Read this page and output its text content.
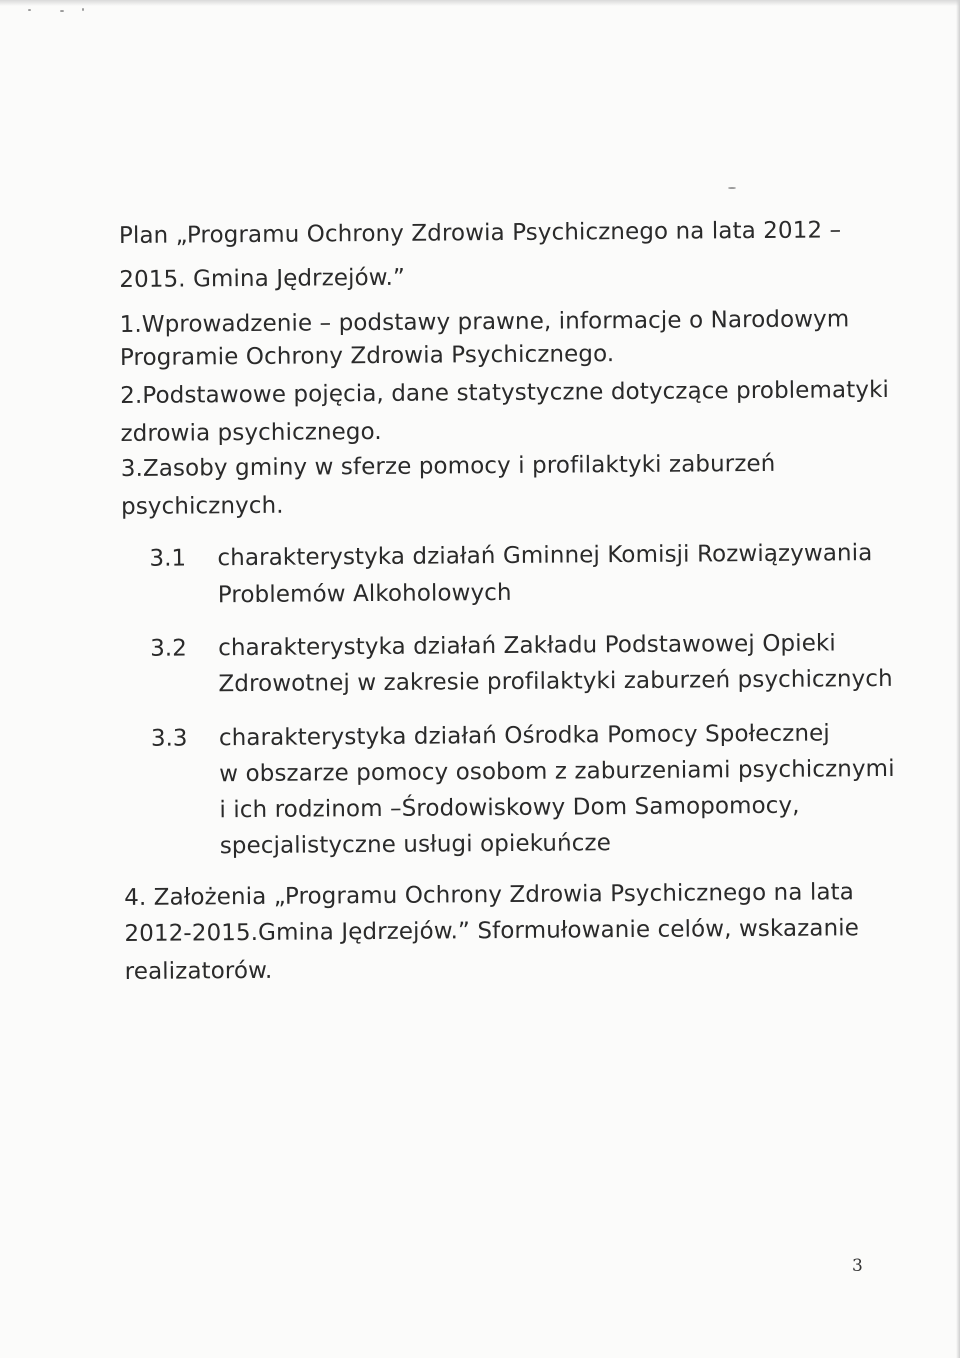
Plan „Programu Ochrony Zdrowia Psychicznego na lata 2012 –
2015. Gmina Jędrzejów.”
1.Wprowadzenie – podstawy prawne, informacje o Narodowym
Programie Ochrony Zdrowia Psychicznego.
2.Podstawowe pojęcia, dane statystyczne dotyczące problematyki
zdrowia psychicznego.
3.Zasoby gminy w sferze pomocy i profilaktyki zaburzeń
psychicznych.
3.1 charakterystyka działań Gminnej Komisji Rozwiązywania
Problemów Alkoholowych
3.2 charakterystyka działań Zakładu Podstawowej Opieki
Zdrowotnej w zakresie profilaktyki zaburzeń psychicznych
3.3 charakterystyka działań Ośrodka Pomocy Społecznej
w obszarze pomocy osobom z zaburzeniami psychicznymi
i ich rodzinom –Środowiskowy Dom Samopomocy,
specjalistyczne usługi opiekuńcze
4. Założenia „Programu Ochrony Zdrowia Psychicznego na lata
2012-2015.Gmina Jędrzejów.” Sformułowanie celów, wskazanie
realizatorów.
3
